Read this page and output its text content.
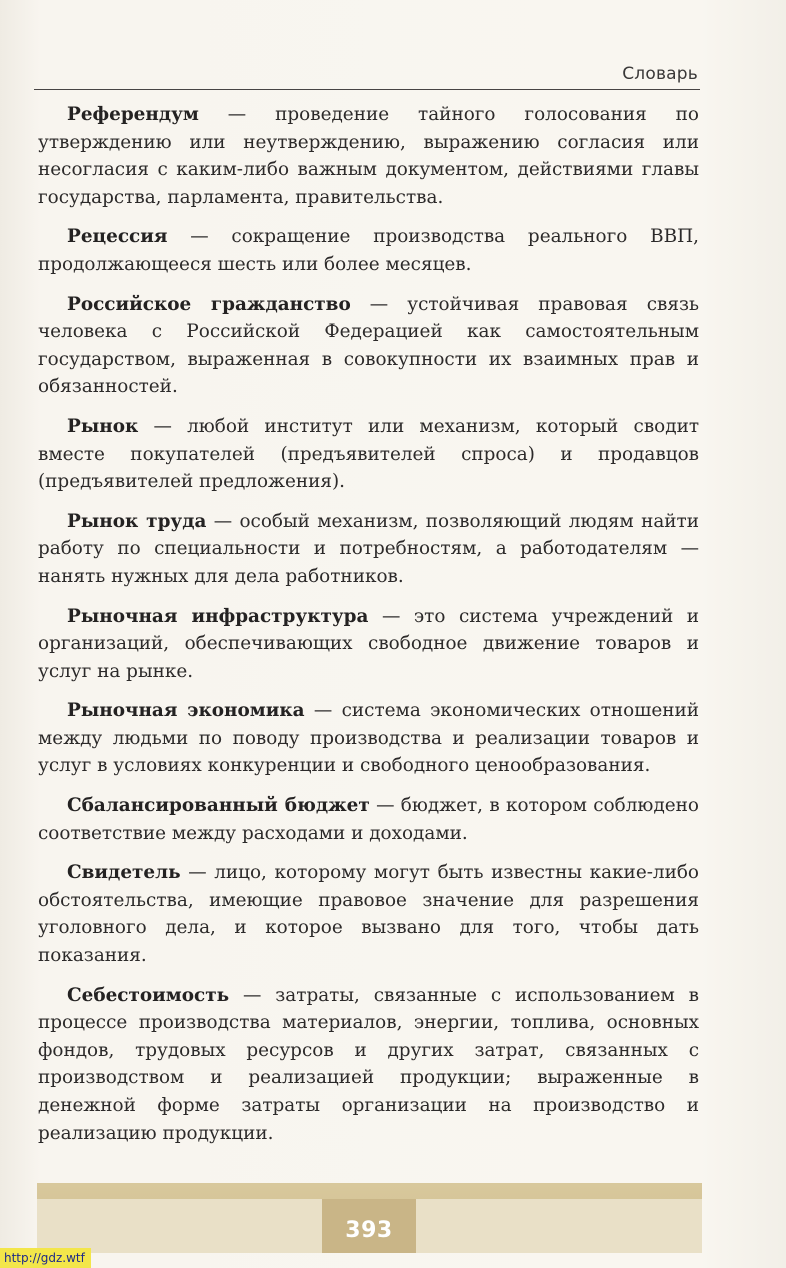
Словарь

Референдум — проведение тайного голосования по утверждению или неутверждению, выражению согласия или несогласия с каким-либо важным документом, действиями главы государства, парламента, правительства.

Рецессия — сокращение производства реального ВВП, продолжающееся шесть или более месяцев.

Российское гражданство — устойчивая правовая связь человека с Российской Федерацией как самостоятельным государством, выраженная в совокупности их взаимных прав и обязанностей.

Рынок — любой институт или механизм, который сводит вместе покупателей (предъявителей спроса) и продавцов (предъявителей предложения).

Рынок труда — особый механизм, позволяющий людям найти работу по специальности и потребностям, а работодателям — нанять нужных для дела работников.

Рыночная инфраструктура — это система учреждений и организаций, обеспечивающих свободное движение товаров и услуг на рынке.

Рыночная экономика — система экономических отношений между людьми по поводу производства и реализации товаров и услуг в условиях конкуренции и свободного ценообразования.

Сбалансированный бюджет — бюджет, в котором соблюдено соответствие между расходами и доходами.

Свидетель — лицо, которому могут быть известны какие-либо обстоятельства, имеющие правовое значение для разрешения уголовного дела, и которое вызвано для того, чтобы дать показания.

Себестоимость — затраты, связанные с использованием в процессе производства материалов, энергии, топлива, основных фондов, трудовых ресурсов и других затрат, связанных с производством и реализацией продукции; выраженные в денежной форме затраты организации на производство и реализацию продукции.

393
http://gdz.wtf
